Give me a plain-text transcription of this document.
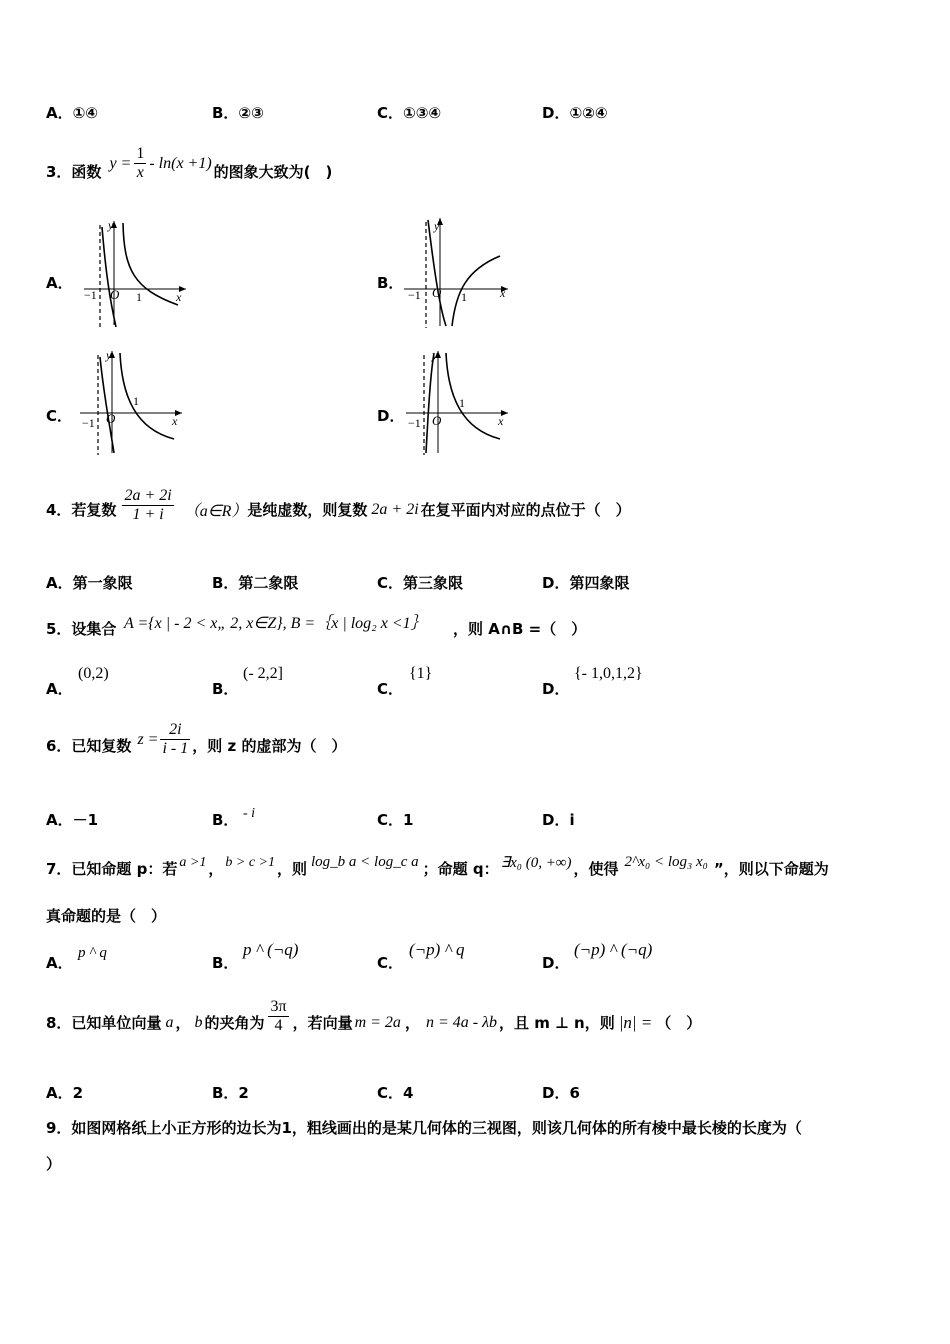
A．①④	B．②③	C．①③④	D．①②④
3．函数 $y = \frac{1}{x} - \ln(x +1)$ 的图象大致为(　)
A．	B．
C．	D．
y
x
−1 O 1
y
x
−1 O 1
y
x
−1 O
1
y
x
−1 O
1
4．若复数 $\frac{2a + 2i}{1 + i}$ （a∈R） 是纯虚数，则复数 2a + 2i 在复平面内对应的点位于（　）
A．第一象限	B．第二象限	C．第三象限	D．第四象限
5．设集合 A ={x | - 2 < x„ 2, x∈Z}, B =｛x | log₂ x <1｝ ，则 A∩B =（　）
A．
(0,2)
B．
(- 2,2]
C．
{1}
D．
{- 1,0,1,2}
6．已知复数 $z = \frac{2i}{i - 1}$ ，则 z 的虚部为（　）
A．－1	B． - i	C．1	D．i
7．已知命题 p：若 a >1 ， b > c >1 ，则 log_b a < log_c a ；命题 q： ∃x₀ (0, +∞) ，使得 2^x₀ < log₃ x₀ ”，则以下命题为
真命题的是（　）
A．
p ^ q
B．
p ^ (¬q)
C．
(¬p) ^ q
D．
(¬p) ^ (¬q)
8．已知单位向量 a ， b 的夹角为 $\frac{3\pi}{4}$ ，若向量 m = 2a ， n = 4a - λb ，且 m ⊥ n，则 |n| = （　）
A．2	B．2	C．4	D．6
9．如图网格纸上小正方形的边长为1，粗线画出的是某几何体的三视图，则该几何体的所有棱中最长棱的长度为（
）
